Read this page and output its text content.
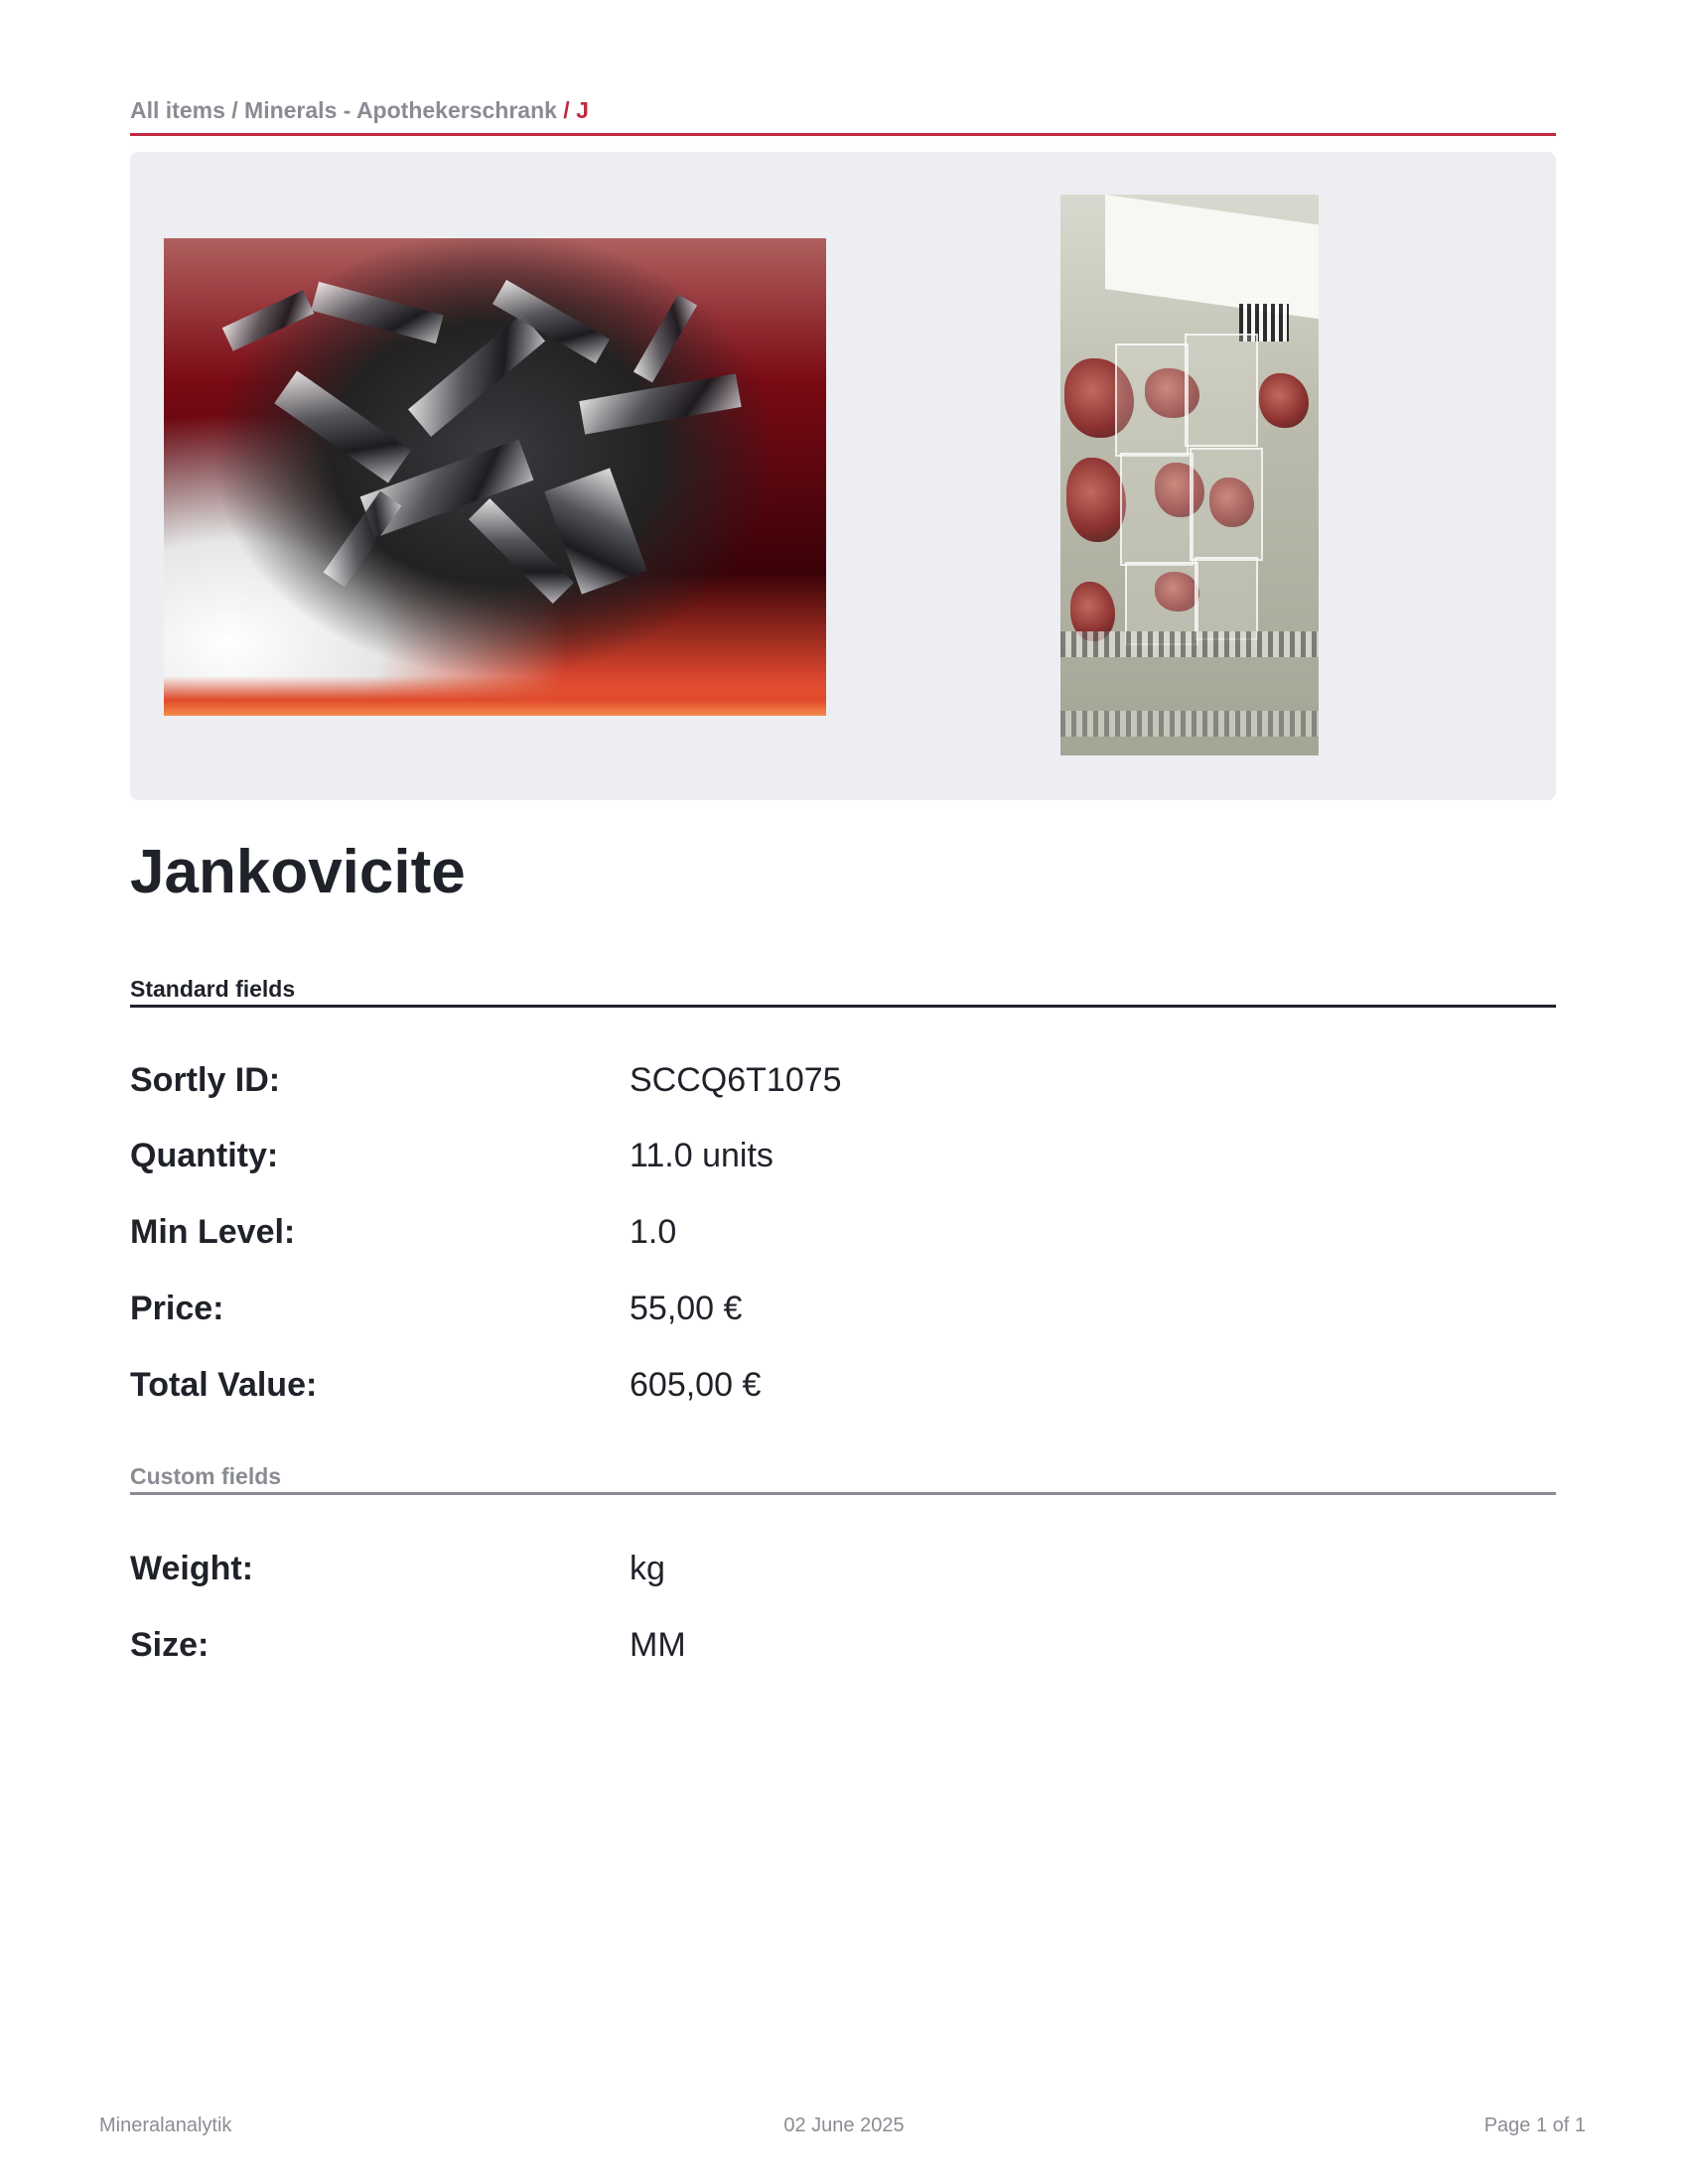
All items / Minerals - Apothekerschrank / J
Jankovicite
Standard fields
Sortly ID:	SCCQ6T1075
Quantity:	11.0 units
Min Level:	1.0
Price:	55,00 €
Total Value:	605,00 €
Custom fields
Weight:	kg
Size:	MM
02 June 2025
Mineralanalytik	Page 1 of 1
